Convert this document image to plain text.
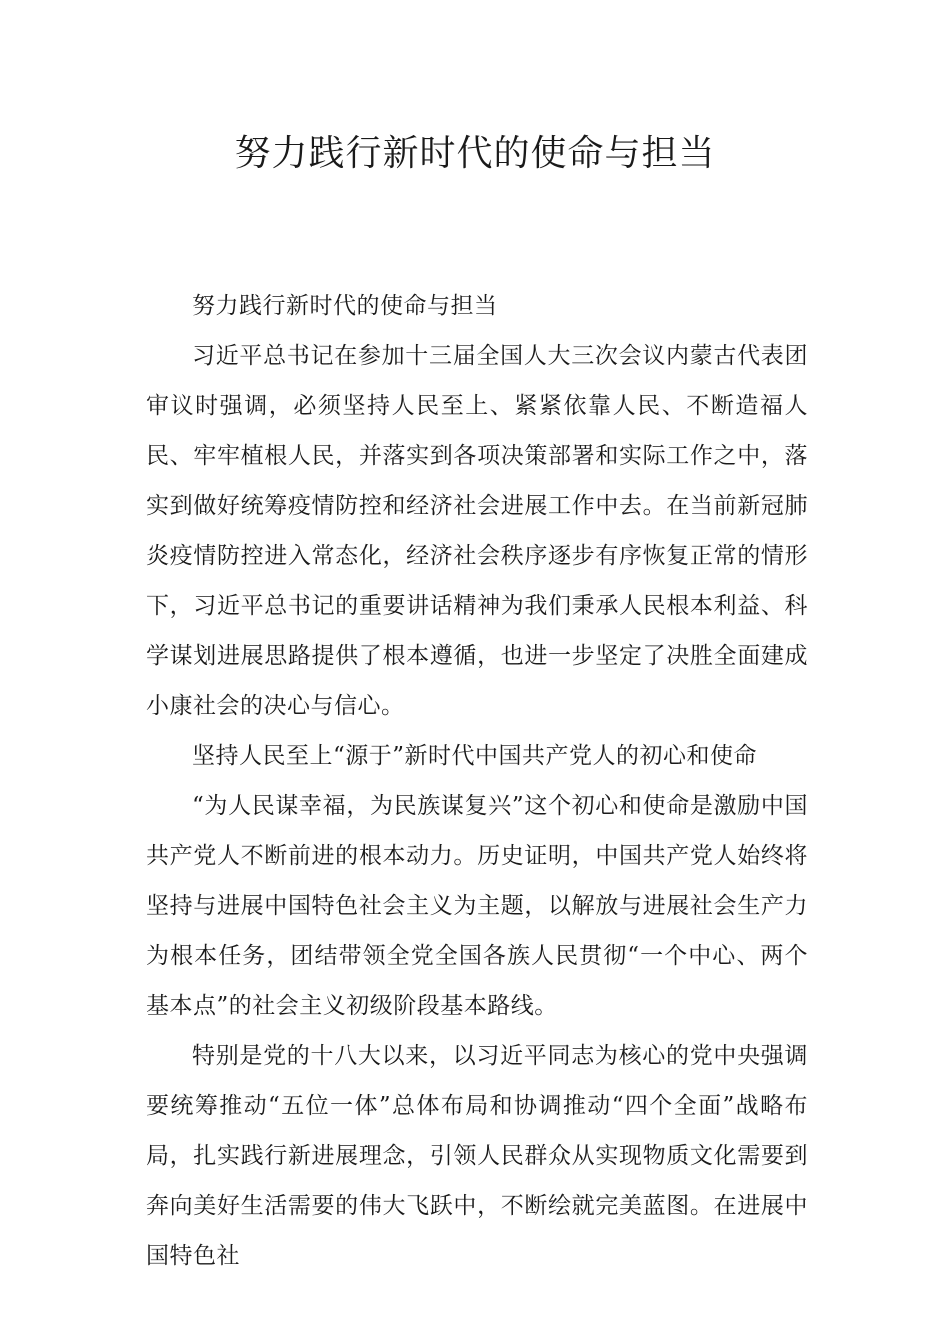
努力践行新时代的使命与担当

努力践行新时代的使命与担当

习近平总书记在参加十三届全国人大三次会议内蒙古代表团审议时强调，必须坚持人民至上、紧紧依靠人民、不断造福人民、牢牢植根人民，并落实到各项决策部署和实际工作之中，落实到做好统筹疫情防控和经济社会进展工作中去。在当前新冠肺炎疫情防控进入常态化，经济社会秩序逐步有序恢复正常的情形下，习近平总书记的重要讲话精神为我们秉承人民根本利益、科学谋划进展思路提供了根本遵循，也进一步坚定了决胜全面建成小康社会的决心与信心。

坚持人民至上“源于”新时代中国共产党人的初心和使命

“为人民谋幸福，为民族谋复兴”这个初心和使命是激励中国共产党人不断前进的根本动力。历史证明，中国共产党人始终将坚持与进展中国特色社会主义为主题，以解放与进展社会生产力为根本任务，团结带领全党全国各族人民贯彻“一个中心、两个基本点”的社会主义初级阶段基本路线。

特别是党的十八大以来，以习近平同志为核心的党中央强调要统筹推动“五位一体”总体布局和协调推动“四个全面”战略布局，扎实践行新进展理念，引领人民群众从实现物质文化需要到奔向美好生活需要的伟大飞跃中，不断绘就完美蓝图。在进展中国特色社
